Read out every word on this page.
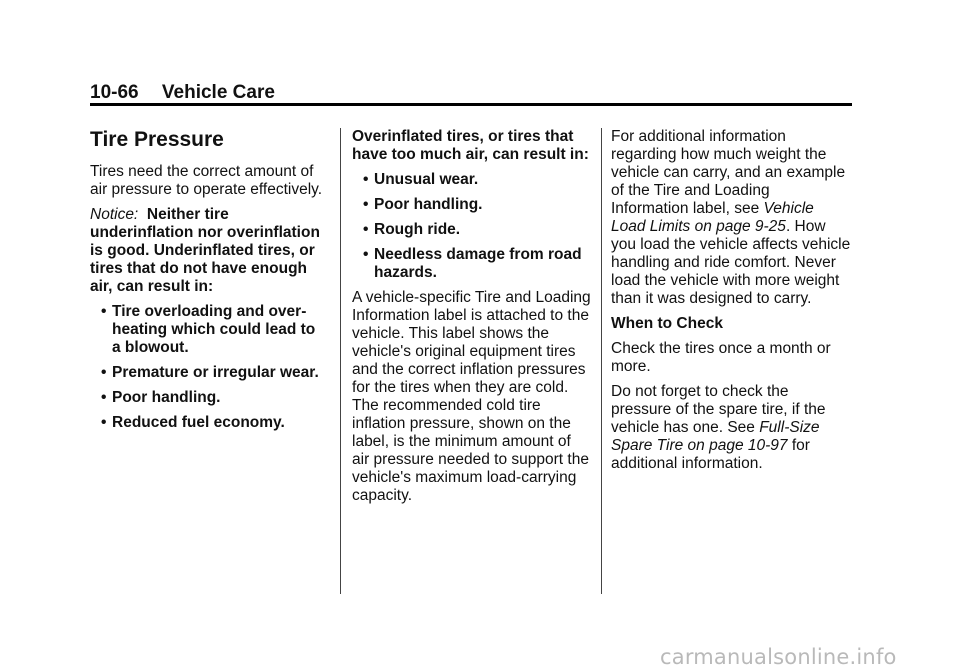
10-66 Vehicle Care
Tire Pressure

Tires need the correct amount of air pressure to operate effectively.

Notice: Neither tire underinflation nor overinflation is good. Underinflated tires, or tires that do not have enough air, can result in:

• Tire overloading and over-heating which could lead to a blowout.
• Premature or irregular wear.
• Poor handling.
• Reduced fuel economy.

Overinflated tires, or tires that have too much air, can result in:

• Unusual wear.
• Poor handling.
• Rough ride.
• Needless damage from road hazards.

A vehicle-specific Tire and Loading Information label is attached to the vehicle. This label shows the vehicle's original equipment tires and the correct inflation pressures for the tires when they are cold. The recommended cold tire inflation pressure, shown on the label, is the minimum amount of air pressure needed to support the vehicle's maximum load-carrying capacity.

For additional information regarding how much weight the vehicle can carry, and an example of the Tire and Loading Information label, see Vehicle Load Limits on page 9-25. How you load the vehicle affects vehicle handling and ride comfort. Never load the vehicle with more weight than it was designed to carry.

When to Check

Check the tires once a month or more.

Do not forget to check the pressure of the spare tire, if the vehicle has one. See Full-Size Spare Tire on page 10-97 for additional information.

carmanualsonline.info
